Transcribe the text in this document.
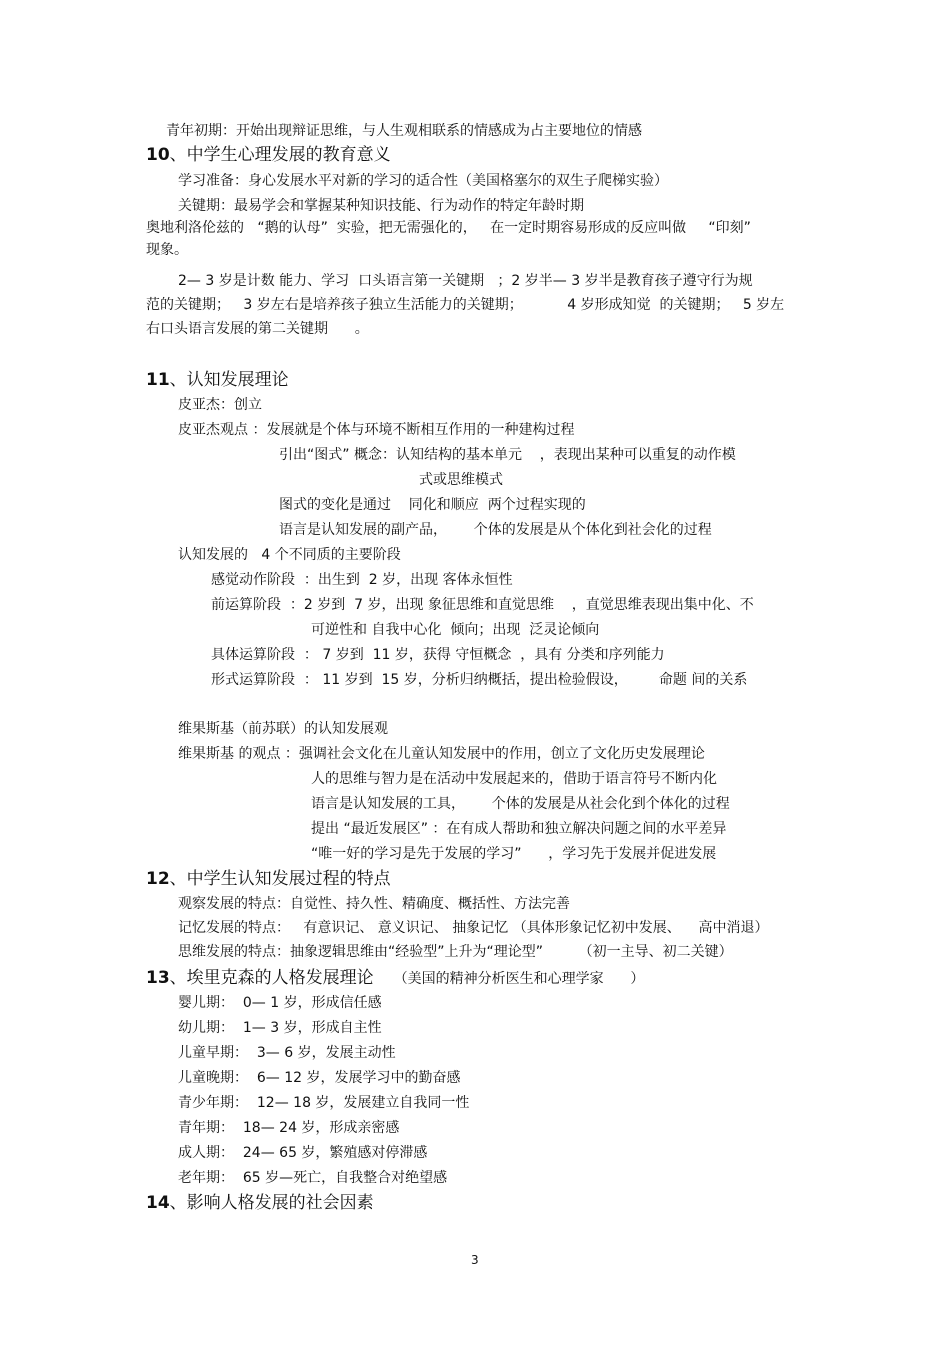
青年初期：开始出现辩证思维，与人生观相联系的情感成为占主要地位的情感
10、中学生心理发展的教育意义
学习准备：身心发展水平对新的学习的适合性（美国格塞尔的双生子爬梯实验）
关键期：最易学会和掌握某种知识技能、行为动作的特定年龄时期
奥地利洛伦兹的   “鹅的认母”  实验，把无需强化的，   在一定时期容易形成的反应叫做     “印刻”
现象。
2— 3 岁是计数 能力、学习  口头语言第一关键期   ；2 岁半— 3 岁半是教育孩子遵守行为规
范的关键期；   3 岁左右是培养孩子独立生活能力的关键期；          4 岁形成知觉  的关键期；   5 岁左
右口头语言发展的第二关键期      。
11、认知发展理论
皮亚杰：创立
皮亚杰观点 ：发展就是个体与环境不断相互作用的一种建构过程
引出“图式” 概念：认知结构的基本单元    ，表现出某种可以重复的动作模
式或思维模式
图式的变化是通过    同化和顺应  两个过程实现的
语言是认知发展的副产品，      个体的发展是从个体化到社会化的过程
认知发展的   4 个不同质的主要阶段
感觉动作阶段  ：出生到  2 岁，出现 客体永恒性
前运算阶段  ：2 岁到  7 岁，出现 象征思维和直觉思维    ，直觉思维表现出集中化、不
可逆性和 自我中心化  倾向；出现  泛灵论倾向
具体运算阶段  ： 7 岁到  11 岁，获得 守恒概念  ，具有 分类和序列能力
形式运算阶段  ： 11 岁到  15 岁，分析归纳概括，提出检验假设，       命题 间的关系
维果斯基（前苏联）的认知发展观
维果斯基 的观点 ：强调社会文化在儿童认知发展中的作用，创立了文化历史发展理论
人的思维与智力是在活动中发展起来的，借助于语言符号不断内化
语言是认知发展的工具，      个体的发展是从社会化到个体化的过程
提出 “最近发展区” ：在有成人帮助和独立解决问题之间的水平差异
“唯一好的学习是先于发展的学习”      ，学习先于发展并促进发展
12、中学生认知发展过程的特点
观察发展的特点：自觉性、持久性、精确度、概括性、方法完善
记忆发展的特点：   有意识记、 意义识记、 抽象记忆 （具体形象记忆初中发展、    高中消退）
思维发展的特点：抽象逻辑思维由“经验型”上升为“理论型”        （初一主导、初二关键）
13、埃里克森的人格发展理论 （美国的精神分析医生和心理学家      ）
婴儿期：  0— 1 岁，形成信任感
幼儿期：  1— 3 岁，形成自主性
儿童早期：  3— 6 岁，发展主动性
儿童晚期：  6— 12 岁，发展学习中的勤奋感
青少年期：  12— 18 岁，发展建立自我同一性
青年期：  18— 24 岁，形成亲密感
成人期：  24— 65 岁，繁殖感对停滞感
老年期：  65 岁—死亡，自我整合对绝望感
14、影响人格发展的社会因素
3
